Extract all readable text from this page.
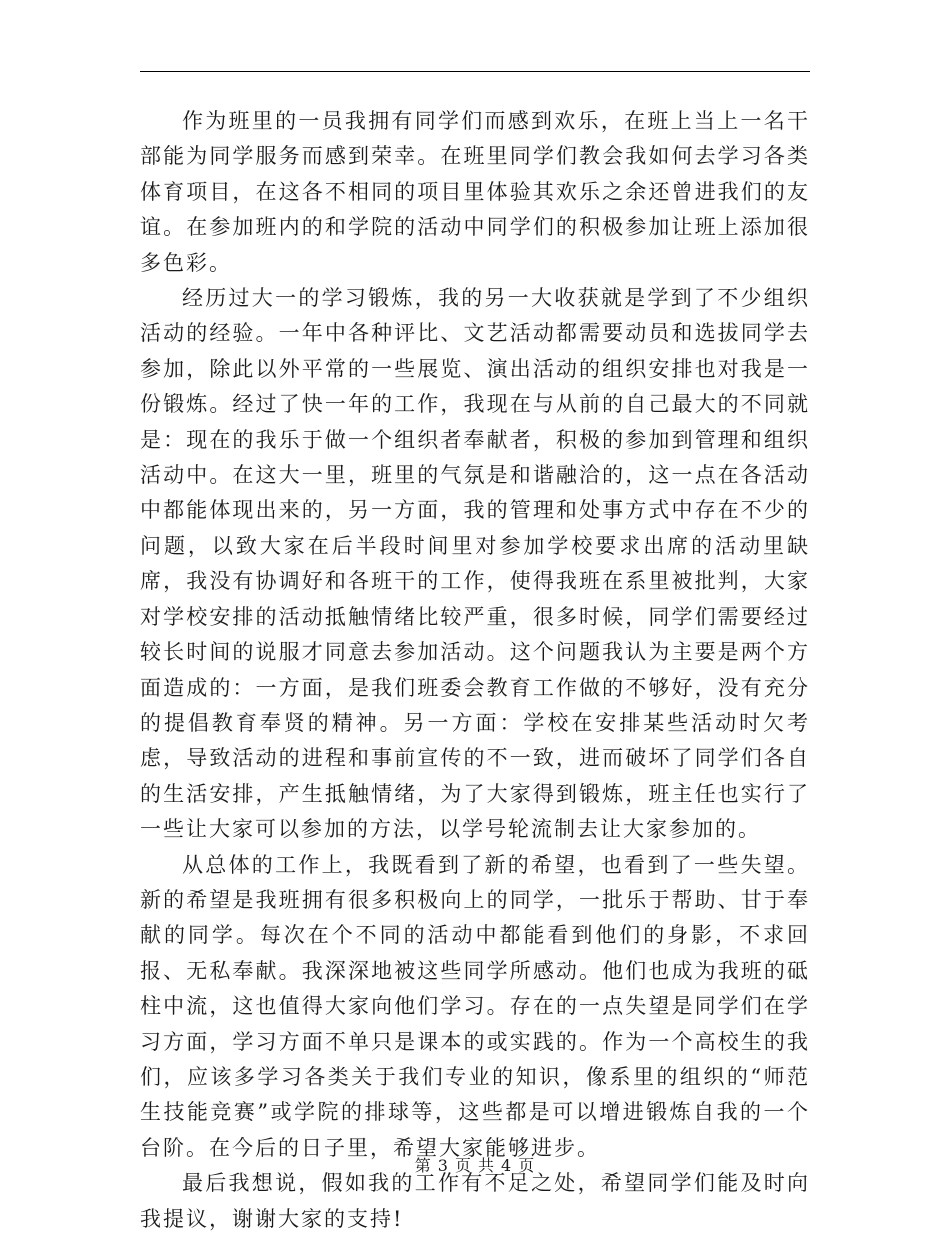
作为班里的一员我拥有同学们而感到欢乐，在班上当上一名干部能为同学服务而感到荣幸。在班里同学们教会我如何去学习各类体育项目，在这各不相同的项目里体验其欢乐之余还曾进我们的友谊。在参加班内的和学院的活动中同学们的积极参加让班上添加很多色彩。

经历过大一的学习锻炼，我的另一大收获就是学到了不少组织活动的经验。一年中各种评比、文艺活动都需要动员和选拔同学去参加，除此以外平常的一些展览、演出活动的组织安排也对我是一份锻炼。经过了快一年的工作，我现在与从前的自己最大的不同就是：现在的我乐于做一个组织者奉献者，积极的参加到管理和组织活动中。在这大一里，班里的气氛是和谐融洽的，这一点在各活动中都能体现出来的，另一方面，我的管理和处事方式中存在不少的问题，以致大家在后半段时间里对参加学校要求出席的活动里缺席，我没有协调好和各班干的工作，使得我班在系里被批判，大家对学校安排的活动抵触情绪比较严重，很多时候，同学们需要经过较长时间的说服才同意去参加活动。这个问题我认为主要是两个方面造成的：一方面，是我们班委会教育工作做的不够好，没有充分的提倡教育奉贤的精神。另一方面：学校在安排某些活动时欠考虑，导致活动的进程和事前宣传的不一致，进而破坏了同学们各自的生活安排，产生抵触情绪，为了大家得到锻炼，班主任也实行了一些让大家可以参加的方法，以学号轮流制去让大家参加的。

从总体的工作上，我既看到了新的希望，也看到了一些失望。新的希望是我班拥有很多积极向上的同学，一批乐于帮助、甘于奉献的同学。每次在个不同的活动中都能看到他们的身影，不求回报、无私奉献。我深深地被这些同学所感动。他们也成为我班的砥柱中流，这也值得大家向他们学习。存在的一点失望是同学们在学习方面，学习方面不单只是课本的或实践的。作为一个高校生的我们，应该多学习各类关于我们专业的知识，像系里的组织的“师范生技能竞赛”或学院的排球等，这些都是可以增进锻炼自我的一个台阶。在今后的日子里，希望大家能够进步。

最后我想说，假如我的工作有不足之处，希望同学们能及时向我提议，谢谢大家的支持!

第 3 页 共 4 页
